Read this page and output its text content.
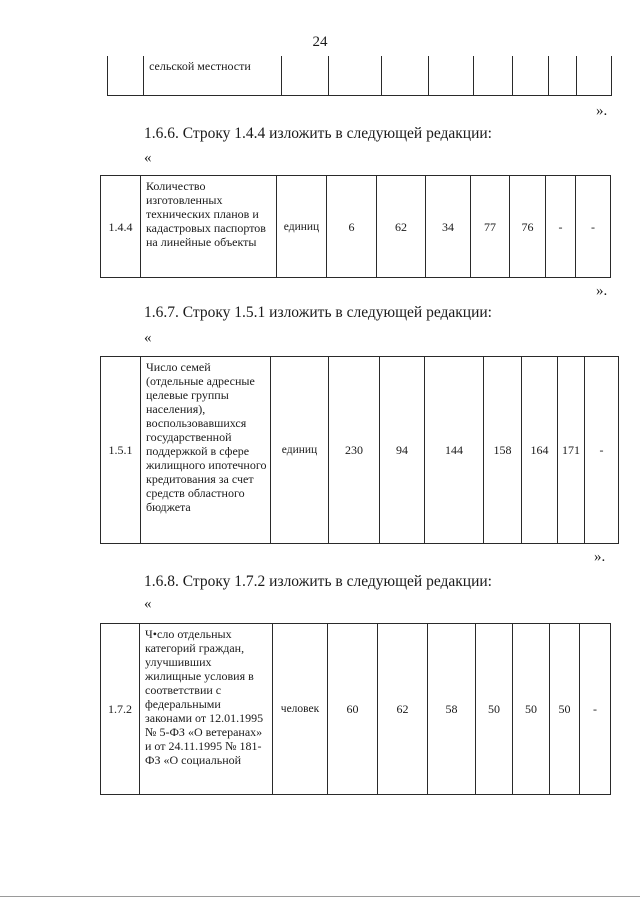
24
	сельской местности								
».
1.6.6. Строку 1.4.4 изложить в следующей редакции:
«
1.4.4	Количество изготовленных технических планов и кадастровых паспортов на линейные объекты	единиц	6	62	34	77	76	-	-
».
1.6.7. Строку 1.5.1 изложить в следующей редакции:
«
1.5.1	Число семей (отдельные адресные целевые группы населения), воспользовавшихся государственной поддержкой в сфере жилищного ипотечного кредитования за счет средств областного бюджета	единиц	230	94	144	158	164	171	-
».
1.6.8. Строку 1.7.2 изложить в следующей редакции:
«
1.7.2	Ч•сло отдельных категорий граждан, улучшивших жилищные условия в соответствии с федеральными законами от 12.01.1995 № 5-ФЗ «О ветеранах» и от 24.11.1995 № 181-ФЗ «О социальной	человек	60	62	58	50	50	50	-
